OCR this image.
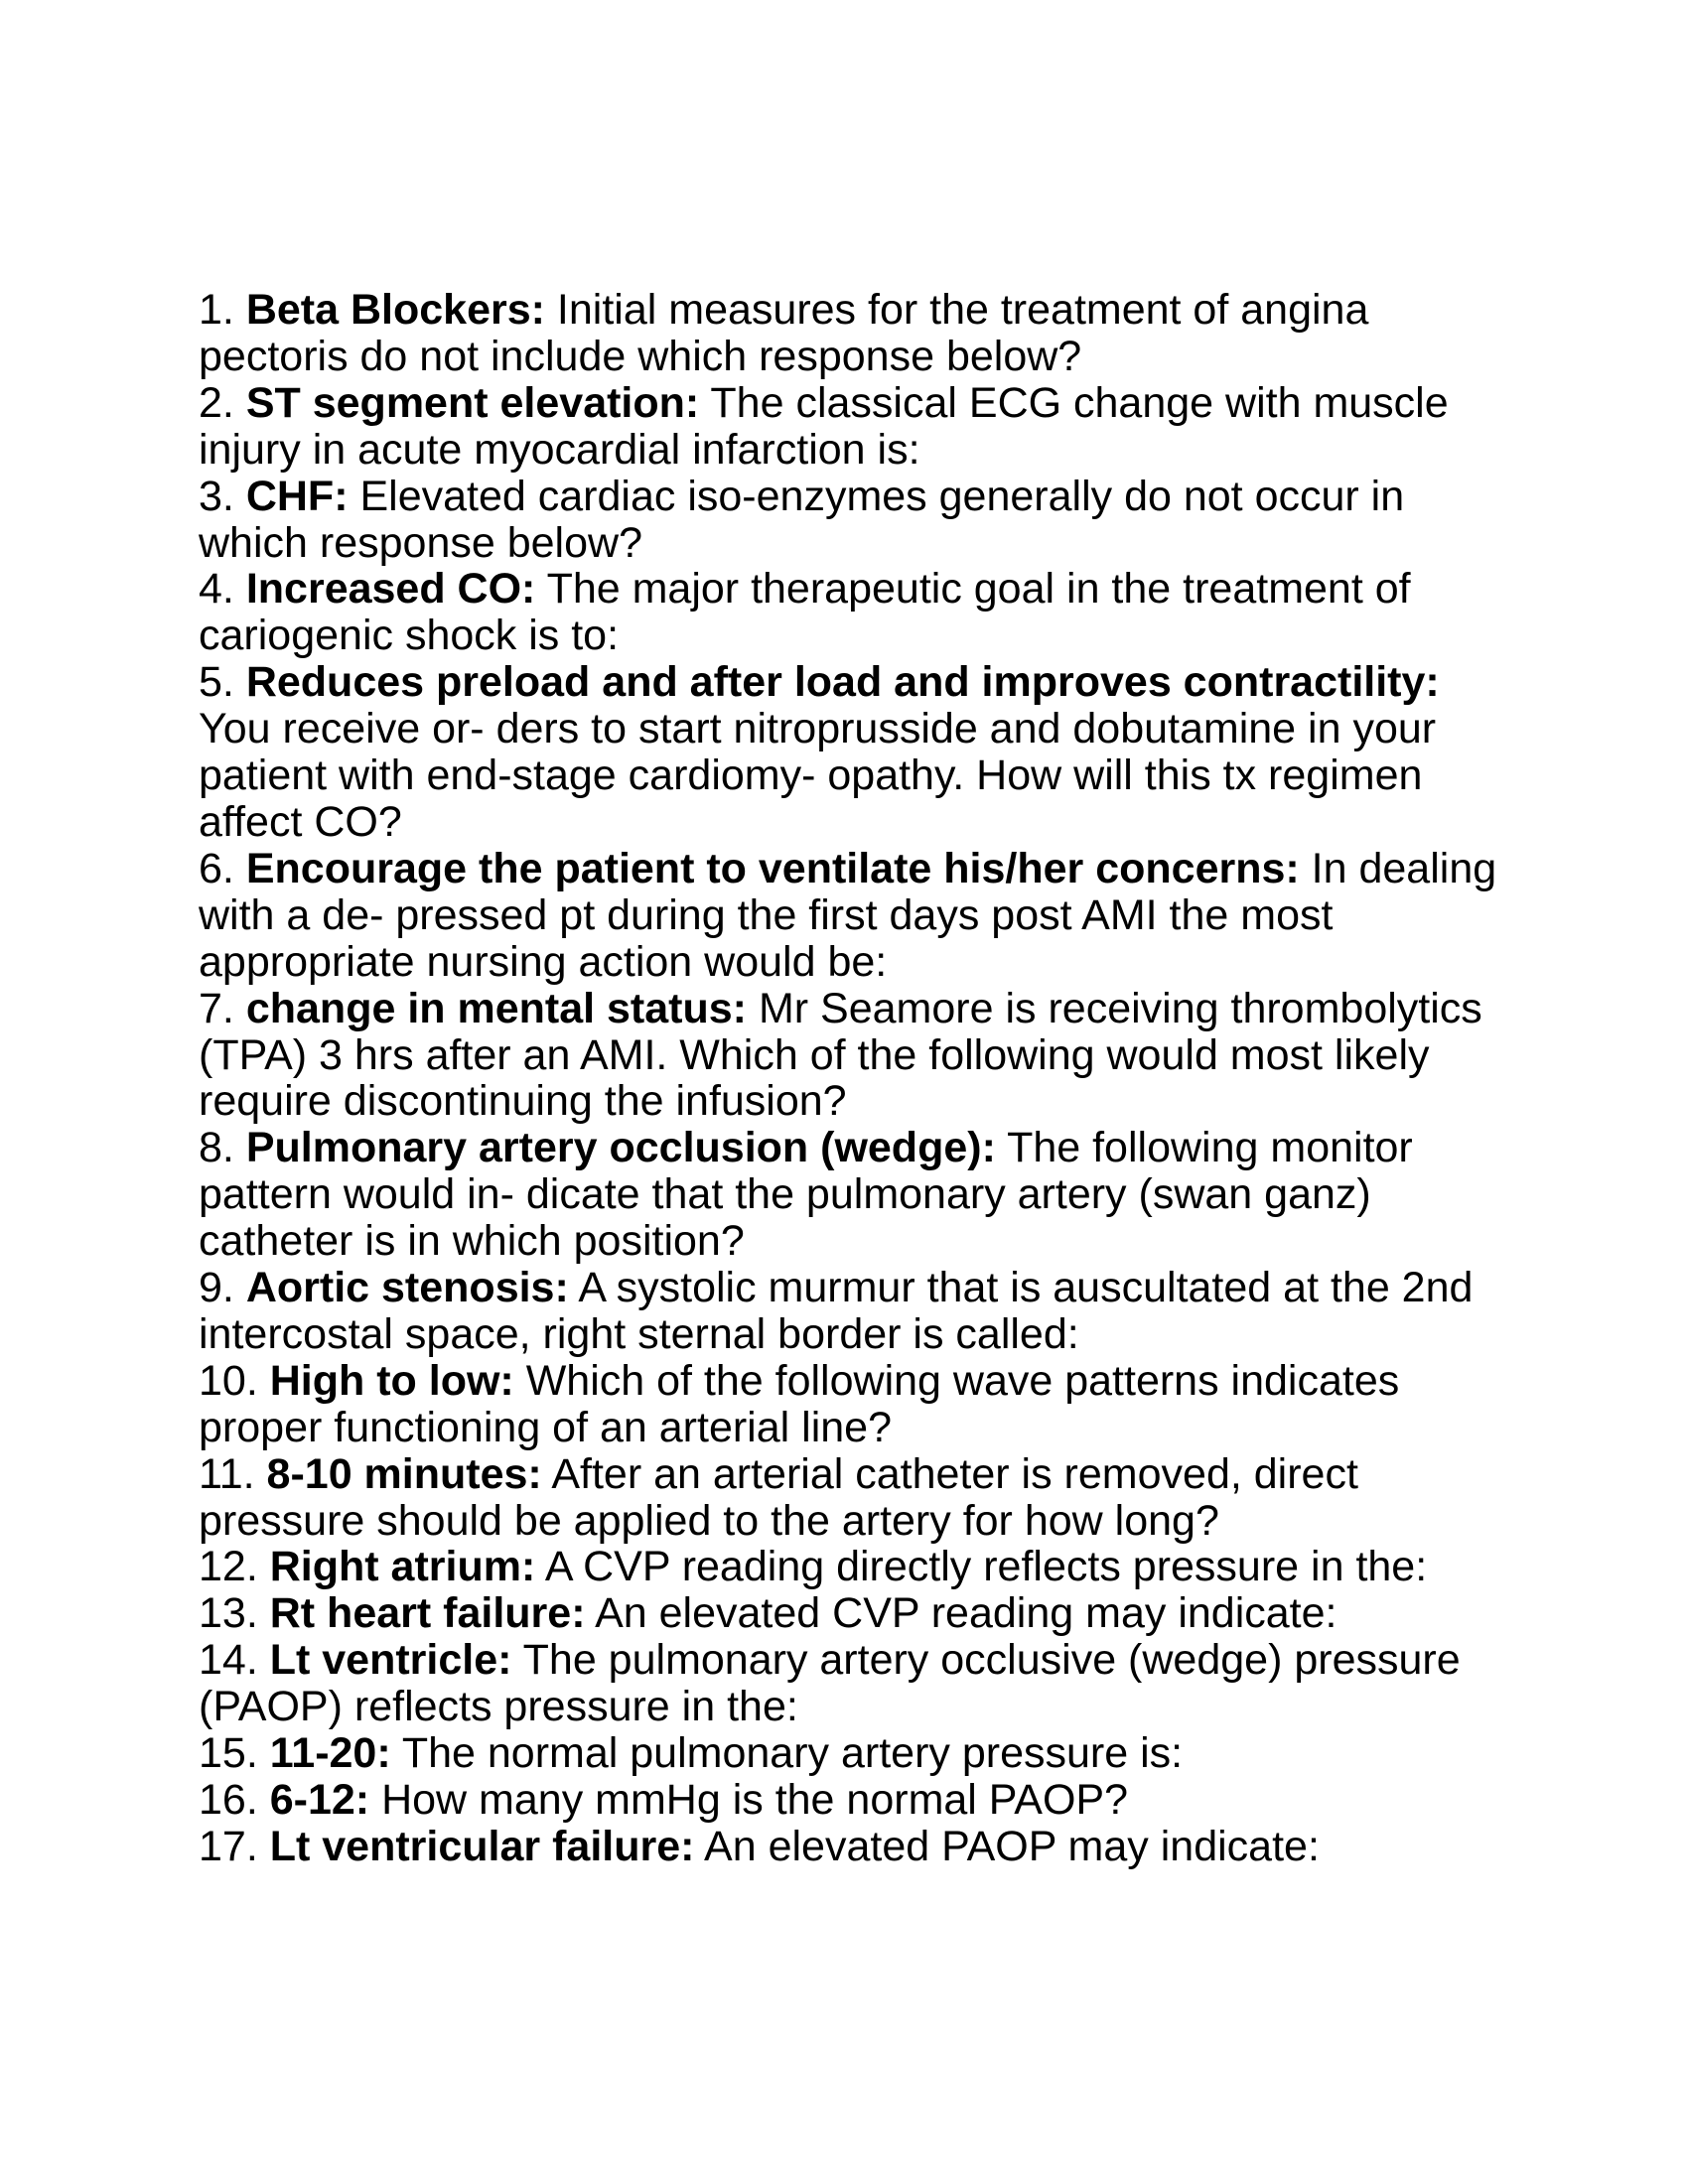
1. Beta Blockers: Initial measures for the treatment of angina pectoris do not include which response below?
2. ST segment elevation: The classical ECG change with muscle injury in acute myocardial infarction is:
3. CHF: Elevated cardiac iso-enzymes generally do not occur in which response below?
4. Increased CO: The major therapeutic goal in the treatment of cariogenic shock is to:
5. Reduces preload and after load and improves contractility: You receive or- ders to start nitroprusside and dobutamine in your patient with end-stage cardiomy- opathy. How will this tx regimen affect CO?
6. Encourage the patient to ventilate his/her concerns: In dealing with a de- pressed pt during the first days post AMI the most appropriate nursing action would be:
7. change in mental status: Mr Seamore is receiving thrombolytics (TPA) 3 hrs after an AMI. Which of the following would most likely require discontinuing the infusion?
8. Pulmonary artery occlusion (wedge): The following monitor pattern would in- dicate that the pulmonary artery (swan ganz) catheter is in which position?
9. Aortic stenosis: A systolic murmur that is auscultated at the 2nd intercostal space, right sternal border is called:
10. High to low: Which of the following wave patterns indicates proper functioning of an arterial line?
11. 8-10 minutes: After an arterial catheter is removed, direct pressure should be applied to the artery for how long?
12. Right atrium: A CVP reading directly reflects pressure in the:
13. Rt heart failure: An elevated CVP reading may indicate:
14. Lt ventricle: The pulmonary artery occlusive (wedge) pressure (PAOP) reflects pressure in the:
15. 11-20: The normal pulmonary artery pressure is:
16. 6-12: How many mmHg is the normal PAOP?
17. Lt ventricular failure: An elevated PAOP may indicate:
